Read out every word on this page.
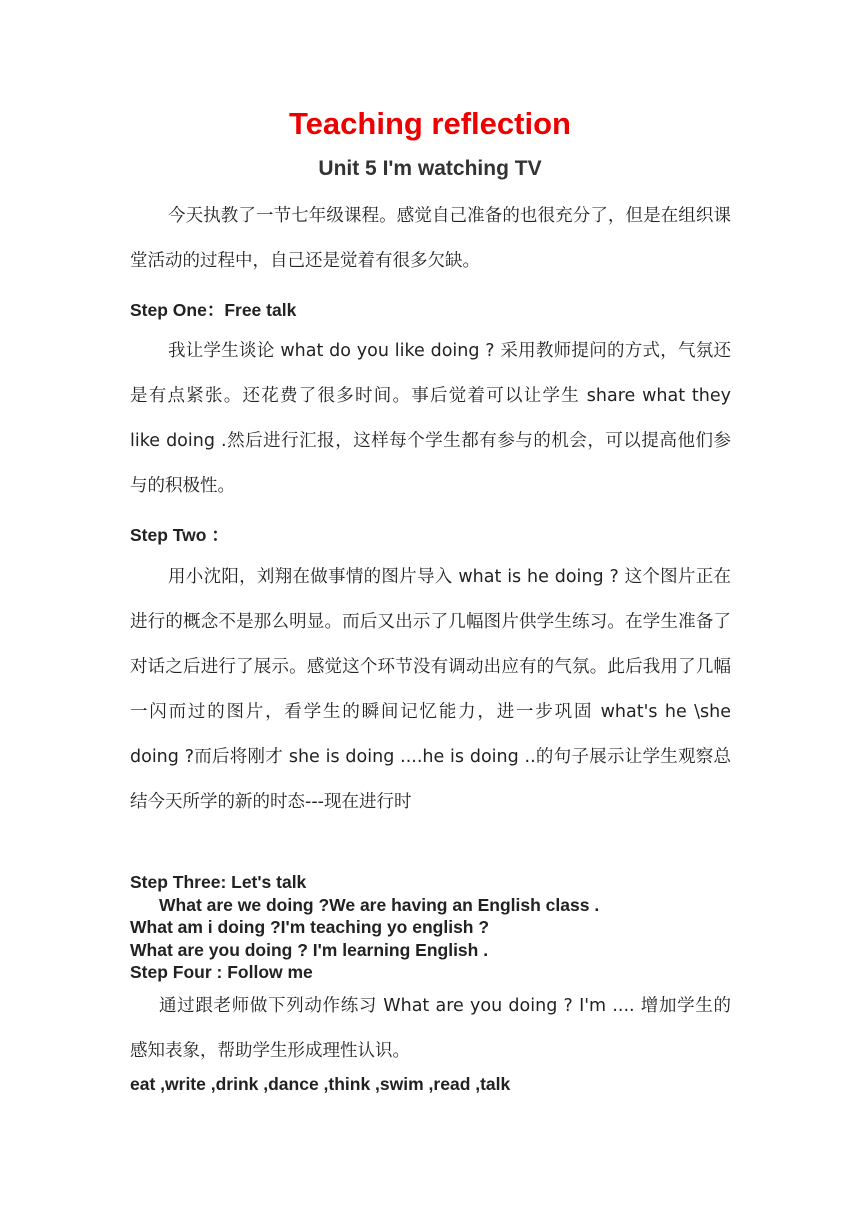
Teaching reflection
Unit 5 I'm watching TV

今天执教了一节七年级课程。感觉自己准备的也很充分了，但是在组织课堂活动的过程中，自己还是觉着有很多欠缺。

Step One：Free talk

我让学生谈论 what do you like doing ? 采用教师提问的方式，气氛还是有点紧张。还花费了很多时间。事后觉着可以让学生 share what they like doing .然后进行汇报，这样每个学生都有参与的机会，可以提高他们参与的积极性。

Step Two ：

用小沈阳，刘翔在做事情的图片导入 what is he doing ? 这个图片正在进行的概念不是那么明显。而后又出示了几幅图片供学生练习。在学生准备了对话之后进行了展示。感觉这个环节没有调动出应有的气氛。此后我用了几幅一闪而过的图片，看学生的瞬间记忆能力，进一步巩固 what's he \she doing ?而后将刚才 she is doing ....he is doing ..的句子展示让学生观察总结今天所学的新的时态---现在进行时

Step Three: Let's talk
What are we doing ?We are having an English class .
What am i doing ?I'm teaching yo english ?
What are you doing ? I'm learning English .
Step Four : Follow me

通过跟老师做下列动作练习 What are you doing ? I'm .... 增加学生的感知表象，帮助学生形成理性认识。

eat ,write ,drink ,dance ,think ,swim ,read ,talk
